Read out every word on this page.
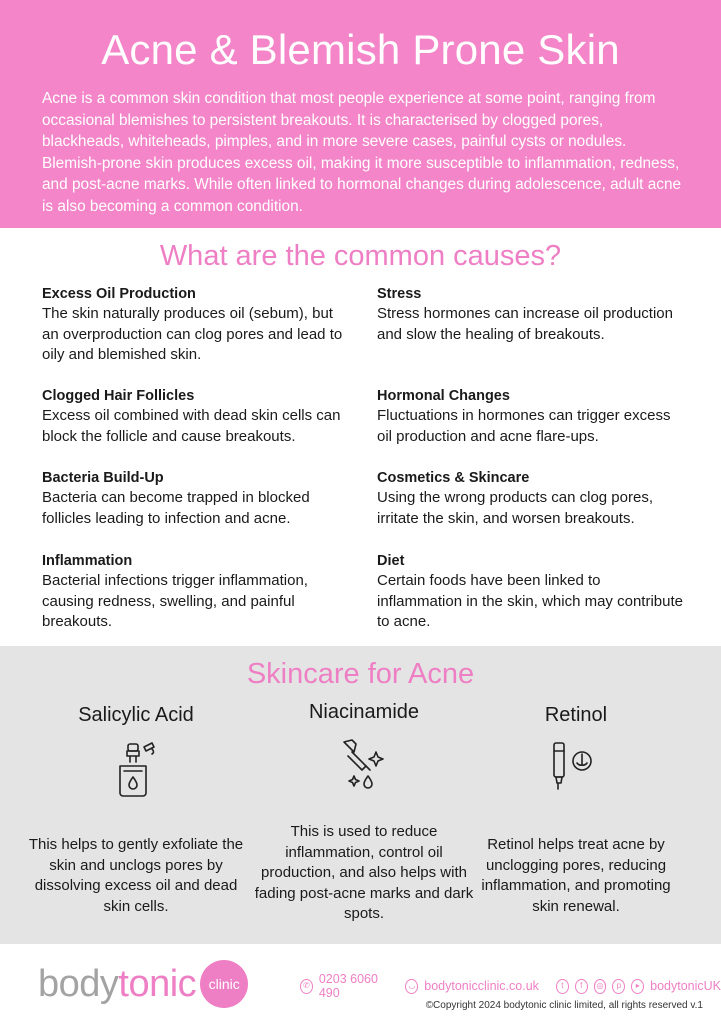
Acne & Blemish Prone Skin

Acne is a common skin condition that most people experience at some point, ranging from occasional blemishes to persistent breakouts. It is characterised by clogged pores, blackheads, whiteheads, pimples, and in more severe cases, painful cysts or nodules. Blemish-prone skin produces excess oil, making it more susceptible to inflammation, redness, and post-acne marks. While often linked to hormonal changes during adolescence, adult acne is also becoming a common condition.

What are the common causes?
Excess Oil Production

The skin naturally produces oil (sebum), but an overproduction can clog pores and lead to oily and blemished skin.

Clogged Hair Follicles

Excess oil combined with dead skin cells can block the follicle and cause breakouts.

Bacteria Build-Up

Bacteria can become trapped in blocked follicles leading to infection and acne.

Inflammation

Bacterial infections trigger inflammation, causing redness, swelling, and painful breakouts.

Stress

Stress hormones can increase oil production and slow the healing of breakouts.

Hormonal Changes

Fluctuations in hormones can trigger excess oil production and acne flare-ups.

Cosmetics & Skincare

Using the wrong products can clog pores, irritate the skin, and worsen breakouts.

Diet

Certain foods have been linked to inflammation in the skin, which may contribute to acne.

Skincare for Acne
Salicylic Acid

This helps to gently exfoliate the skin and unclogs pores by dissolving excess oil and dead skin cells.

Niacinamide

This is used to reduce inflammation, control oil production, and also helps with fading post-acne marks and dark spots.

Retinol

Retinol helps treat acne by unclogging pores, reducing inflammation, and promoting skin renewal.

body tonic clinic	✆ 0203 6060 490
◡ bodytonicclinic.co.uk	t	f	◎	p	▸ bodytonicUK
©Copyright 2024 bodytonic clinic limited, all rights reserved v.1
